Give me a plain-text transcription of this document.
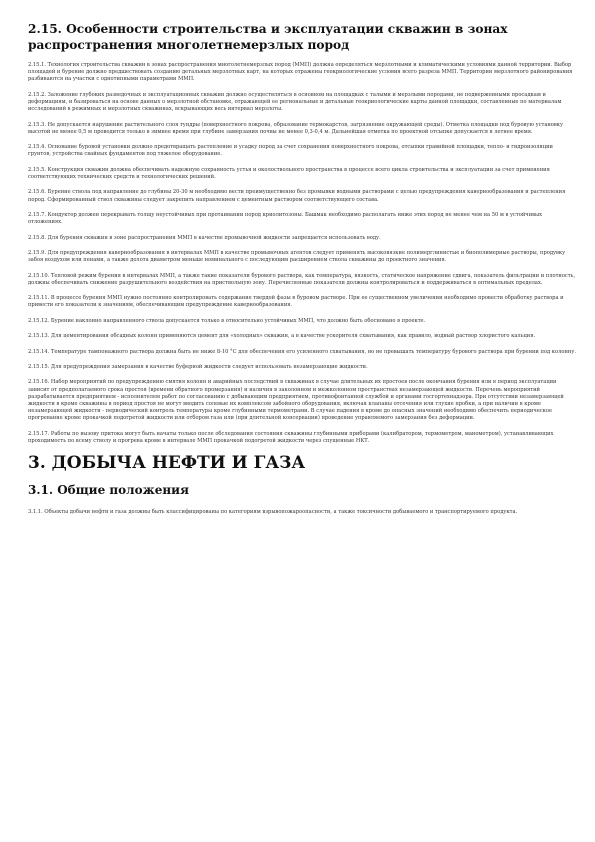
2.15. Особенности строительства и эксплуатации скважин в зонах распространения многолетнемерзлых пород
2.15.1. Технология строительства скважин в зонах распространения многолетнемерзлых пород (ММП) должна определяться мерзлотными и климатическими условиями данной территории. Выбор площадей и бурение должно предшествовать созданию детальных мерзлотных карт, на которых отражены геокриологические условия всего разреза ММП. Территории мерзлотного районирования разбиваются на участки с однотипными параметрами ММП.
2.15.2. Заложение глубоких разведочных и эксплуатационных скважин должно осуществляться в основном на площадках с талыми и мерзлыми породами, не подверженными просадкам и деформациям, и базироваться на основе данных о мерзлотной обстановке, отражающей ее региональные и детальные геокриологические карты данной площадки, составленные по материалам исследований в режимных и мерзлотных скважинах, вскрывающих весь интервал мерзлоты.
2.15.3. Не допускается нарушение растительного слоя тундры (поверхностного покрова, образование термокарстов, загрязнение окружающей среды). Отметка площадки под буровую установку высотой не менее 0,5 м проводится только в зимнее время при глубине замерзания почвы не менее 0,3-0,4 м. Дальнейшая отметка по проектной отсыпке допускается в летнее время.
2.15.4. Основание буровой установки должно предотвращать растепление и усадку пород за счет сохранения поверхностного покрова, отсыпки гравийной площадки, тепло- и гидроизоляции грунтов, устройства свайных фундаментов под тяжелое оборудование.
2.15.5. Конструкция скважин должна обеспечивать надежную сохранность устья и околоствольного пространства в процессе всего цикла строительства и эксплуатации за счет применения соответствующих технических средств и технологических решений.
2.15.6. Бурение ствола под направление до глубины 20-30 м необходимо вести преимущественно без промывки водными растворами с целью предупреждения кавернообразования и растепления пород. Сформированный ствол скважины следует закрепить направлением с цементным раствором соответствующего состава.
2.15.7. Кондуктор должен перекрывать толщу неустойчивых при протаивании пород криолитозоны. Башмак необходимо располагать ниже этих пород не менее чем на 50 м в устойчивых отложениях.
2.15.8. Для бурения скважин в зоне распространения ММП в качестве промывочной жидкости запрещается использовать воду.
2.15.9. Для предупреждения кавернообразования в интервалах ММП в качестве промывочных агентов следует применять высоковязкие полимерглинистые и биополимерные растворы, продувку забоя воздухом или пенами, а также долота диаметром меньше номинального с последующим расширением ствола скважины до проектного значения.
2.15.10. Тепловой режим бурения в интервалах ММП, а также такие показатели бурового раствора, как температура, вязкость, статическое напряжение сдвига, показатель фильтрации и плотность, должны обеспечивать снижение разрушительного воздействия на приствольную зону. Перечисленные показатели должны контролироваться и поддерживаться в оптимальных пределах.
2.15.11. В процессе бурения ММП нужно постоянно контролировать содержание твердой фазы в буровом растворе. При ее существенном увеличении необходимо провести обработку раствора и привести его показатели к значениям, обеспечивающим предупреждение кавернообразования.
2.15.12. Бурение наклонно направленного ствола допускается только в относительно устойчивых ММП, что должно быть обосновано в проекте.
2.15.13. Для цементирования обсадных колонн применяются цемент для «холодных» скважин, а в качестве ускорителя схватывания, как правило, водный раствор хлористого кальция.
2.15.14. Температуре тампонажного раствора должна быть не ниже 8-10 °С для обеспечения его усиленного схватывания, но не превышать температуру бурового раствора при бурении под колонну.
2.15.15. Для предупреждения замерзания в качестве буферной жидкости следует использовать незамерзающие жидкости.
2.15.16. Набор мероприятий по предупреждению смятия колонн и аварийных последствий в скважинах в случае длительных их простоев после окончания бурения или в период эксплуатации зависит от предполагаемого срока простоя (времени обратного промерзания) и наличия в заколонном и межколонном пространствах незамерзающей жидкости. Перечень мероприятий разрабатывается предприятием - исполнителем работ по согласованию с добывающим предприятием, противофонтанной службой и органами госгортехнадзора. При отсутствии незамерзающей жидкости в кроме скважины в период простоя не могут вводить солевые их комплексом забойного оборудования, включая клапаны отсечения или глухие пробки, а при наличии в кроме незамерзающей жидкости - периодический контроль температуры кроме глубинными термометрами. В случае падения в кроме до опасных значений необходимо обеспечить периодическое прогревание кроме прокачкой подогретой жидкости или отбором газа или (при длительной консервации) проведение управляемого замерзания без деформации.
2.15.17. Работы по вызову притока могут быть начаты только после обследования состояния скважины глубинными приборами (калибратором, термометром, манометром), устанавливающих проходимость по всему стволу и прогрева кроме в интервале ММП прокачкой подогретой жидкости через спущенные НКТ.
3. ДОБЫЧА НЕФТИ И ГАЗА
3.1. Общие положения
3.1.1. Объекты добычи нефти и газа должны быть классифицированы по категориям взрывопожароопасности, а также токсичности добываемого и транспортируемого продукта.
